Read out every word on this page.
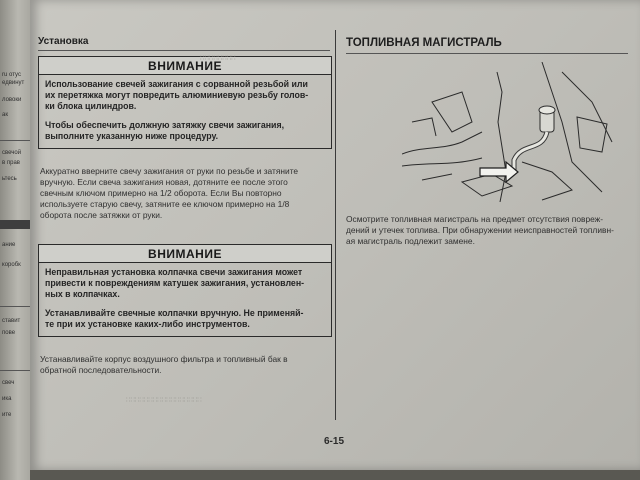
ru отус
едвинут
ловоки
ак
свечой
в прав
ьтесь
ание
коробк
ставит
пове
свеч
ика
ите
Установка
ВНИМАНИЕ

Использование свечей зажигания с сорванной резьбой или
их перетяжка могут повредить алюминиевую резьбу голов-
ки блока цилиндров.

Чтобы обеспечить должную затяжку свечи зажигания,
выполните указанную ниже процедуру.

Аккуратно вверните свечу зажигания от руки по резьбе и затяните
вручную. Если свеча зажигания новая, дотяните ее после этого
свечным ключом примерно на 1/2 оборота. Если Вы повторно
используете старую свечу, затяните ее ключом примерно на 1/8
оборота после затяжки от руки.

ВНИМАНИЕ

Неправильная установка колпачка свечи зажигания может
привести к повреждениям катушек зажигания, установлен-
ных в колпачках.

Устанавливайте свечные колпачки вручную. Не применяй-
те при их установке каких-либо инструментов.

Устанавливайте корпус воздушного фильтра и топливный бак в
обратной последовательности.

∷∷∷∷∷∷∷∷∷∷∷∷∷∷∷∷∷
∷∷∷∷∷∷∷∷
ТОПЛИВНАЯ МАГИСТРАЛЬ

Осмотрите топливная магистраль на предмет отсутствия повреж-
дений и утечек топлива. При обнаружении неисправностей топливн-
ая магистраль подлежит замене.

6-15
